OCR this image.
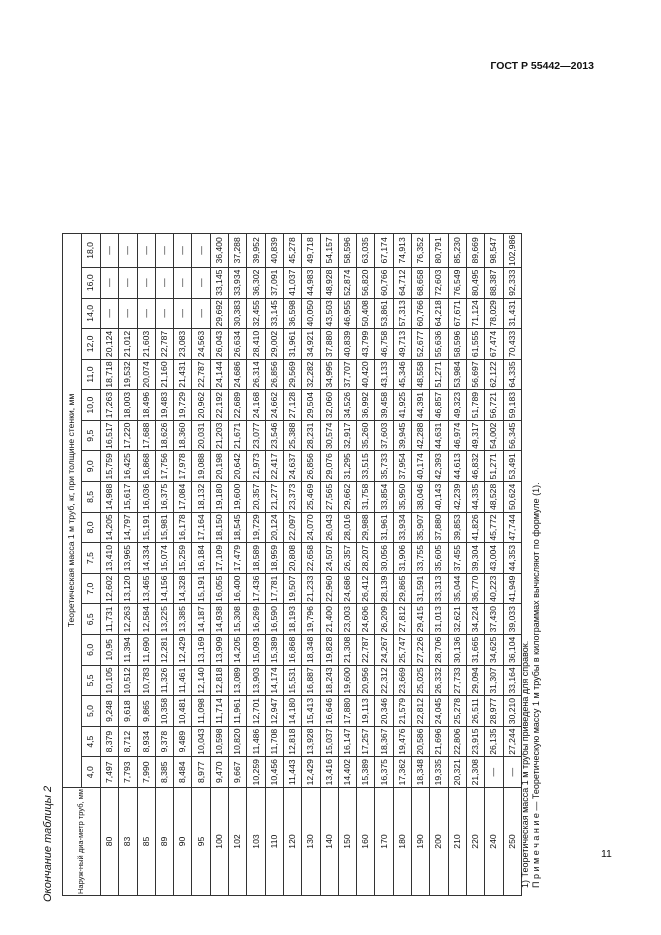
ГОСТ Р 55442—2013
Окончание таблицы 2	Наруж-ный диа-метр труб, мм	Теоретическая масса 1 м труб, кг, при толщине стенки, мм																	
	4,0	4,5	5,0	5,5	6,0	6,5	7,0	7,5	8,0	8,5	9,0	9,5	10,0	11,0	12,0	14,0	16,0	18,0
80	7,497	8,379	9,248	10,105	10,95	11,731	12,602	13,410	14,205	14,988	15,759	16,517	17,263	18,718	20,124	—	—	—
83	7,793	8,712	9,618	10,512	11,394	12,263	13,120	13,965	14,797	15,617	16,425	17,220	18,003	19,532	21,012	—	—	—
85	7,990	8,934	9,865	10,783	11,690	12,584	13,465	14,334	15,191	16,036	16,868	17,688	18,496	20,074	21,603	—	—	—
89	8,385	9,378	10,358	11,326	12,281	13,225	14,156	15,074	15,981	16,375	17,756	18,626	19,483	21,160	22,787	—	—	—
90	8,484	9,489	10,481	11,461	12,429	13,385	14,328	15,259	16,178	17,084	17,978	18,360	19,729	21,431	23,083	—	—	—
95	8,977	10,043	11,098	12,140	13,169	14,187	15,191	16,184	17,164	18,132	19,088	20,031	20,962	22,787	24,563	—	—	—
100	9,470	10,598	11,714	12,818	13,909	14,938	16,055	17,109	18,150	19,180	20,198	21,203	22,192	24,144	26,043	29,692	33,145	36,400
102	9,667	10,820	11,961	13,089	14,205	15,308	16,400	17,479	18,545	19,600	20,642	21,671	22,689	24,686	26,634	30,383	33,934	37,288
103	10,259	11,486	12,701	13,903	15,093	16,269	17,436	18,589	19,729	20,357	21,973	23,077	24,168	26,314	28,410	32,455	36,302	39,952
110	10,456	11,708	12,947	14,174	15,389	16,590	17,781	18,959	20,124	21,277	22,417	23,546	24,662	26,856	29,002	33,145	37,091	40,839
120	11,443	12,818	14,180	15,531	16,868	18,193	19,507	20,808	22,097	23,373	24,637	25,388	27,128	29,569	31,961	36,598	41,037	45,278
130	12,429	13,928	15,413	16,887	18,348	19,796	21,233	22,658	24,070	25,469	26,856	28,231	29,504	32,282	34,921	40,050	44,983	49,718
140	13,416	15,037	16,646	18,243	19,828	21,400	22,960	24,507	26,043	27,565	29,076	30,574	32,060	34,995	37,880	43,503	48,928	54,157
150	14,402	16,147	17,880	19,600	21,308	23,003	24,686	26,357	28,016	29,662	31,295	32,917	34,526	37,707	40,839	46,955	52,874	58,596
160	15,389	17,257	19,113	20,956	22,787	24,606	26,412	28,207	29,988	31,758	33,515	35,260	36,992	40,420	43,799	50,408	56,820	63,035
170	16,375	18,367	20,346	22,312	24,267	26,209	28,139	30,056	31,961	33,854	35,733	37,603	39,458	43,133	46,758	53,861	60,766	67,174
180	17,362	19,476	21,579	23,669	25,747	27,812	29,865	31,906	33,934	35,950	37,954	39,945	41,925	45,346	49,713	57,313	64,712	74,913
190	18,348	20,586	22,812	25,025	27,226	29,415	31,591	33,755	35,907	38,046	40,174	42,288	44,391	48,558	52,677	60,766	68,658	76,352
200	19,335	21,696	24,045	26,332	28,706	31,013	33,313	35,605	37,880	40,143	42,393	44,631	46,857	51,271	55,636	64,218	72,603	80,791
210	20,321	22,806	25,278	27,733	30,136	32,621	35,044	37,455	39,853	42,239	44,613	46,974	49,323	53,984	58,596	67,671	76,549	85,230
220	21,308	23,915	26,511	29,094	31,665	34,224	36,770	39,304	41,826	44,335	46,832	49,317	51,789	56,697	61,555	71,124	80,495	89,669
240	—	26,135	28,977	31,307	34,625	37,430	40,223	43,004	45,772	48,528	51,271	54,002	56,721	62,122	67,474	78,029	88,387	98,547
250	—	27,244	30,210	33,164	36,104	39,033	41,949	44,353	47,744	50,624	53,491	56,345	59,183	64,335	70,433	31,431	92,333	102,986
1) Теоретическая масса 1 м трубы приведена для справок. П р и м е ч а н и е — Теоретическую массу 1 м трубы в килограммах вычисляют по формуле (1).	11
